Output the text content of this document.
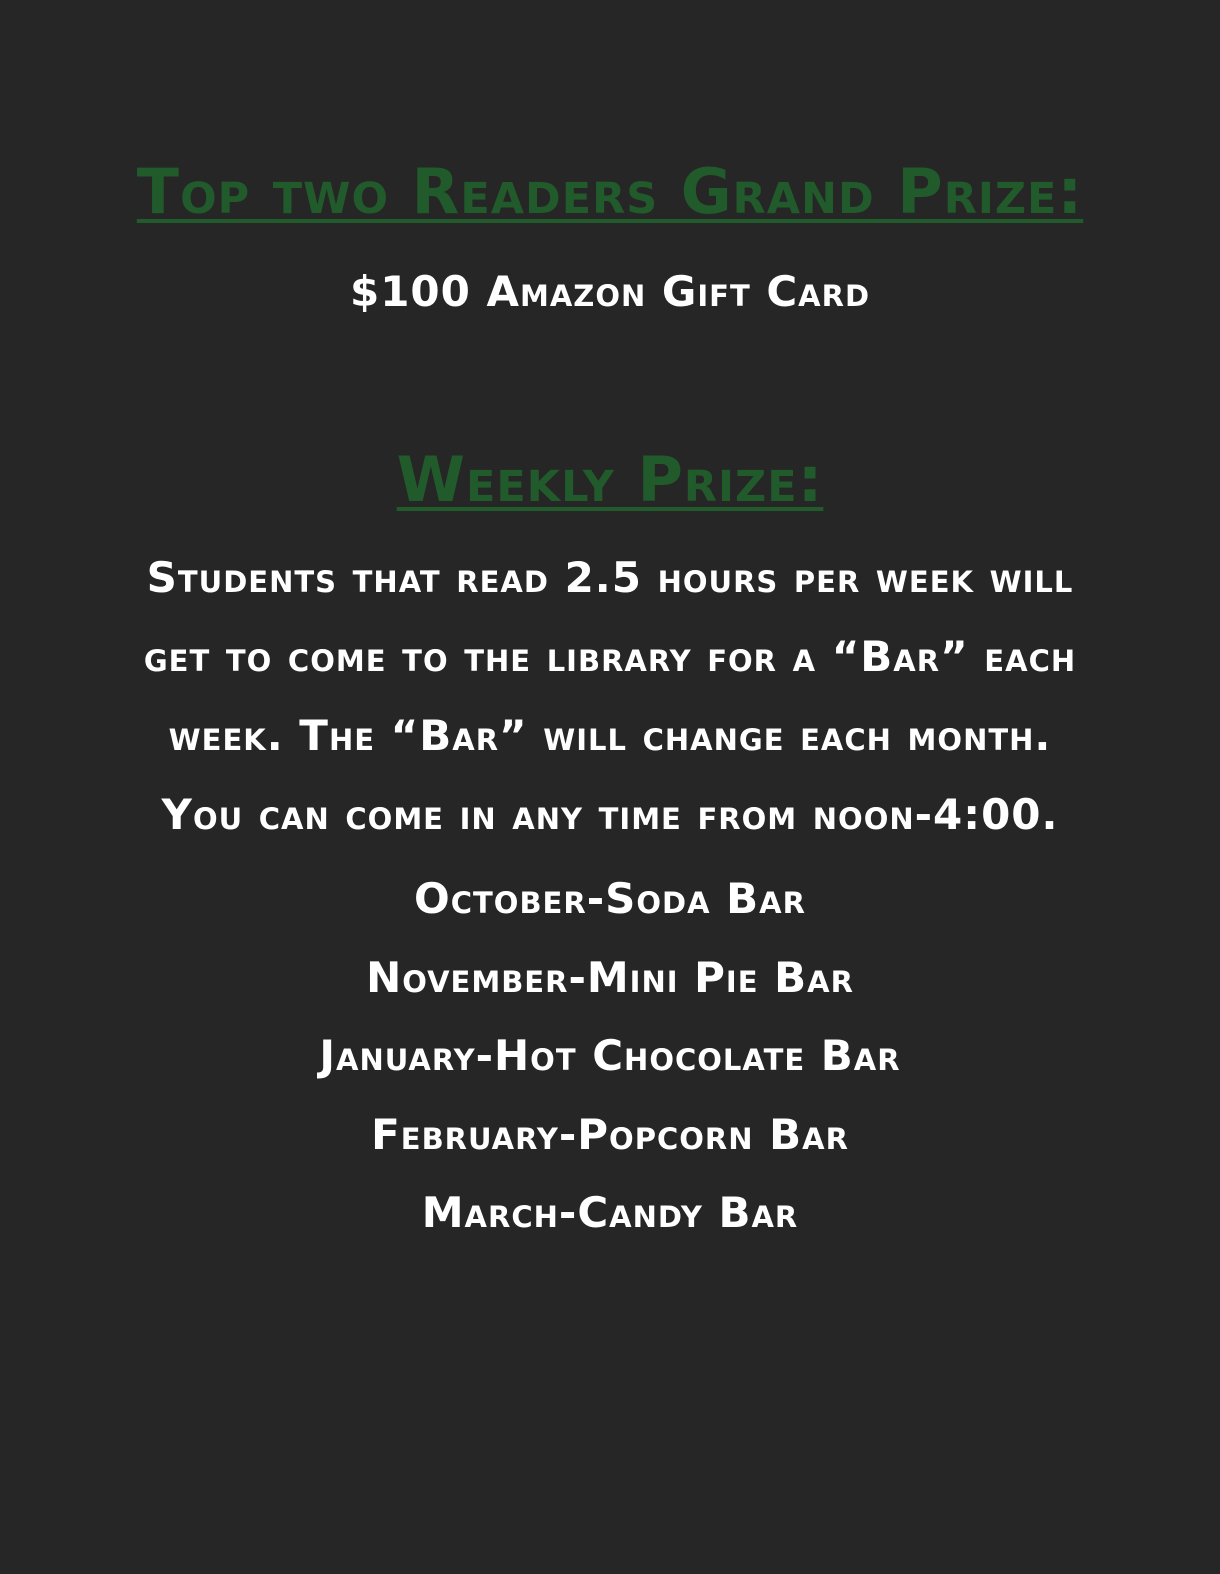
Top two Readers Grand Prize:
$100 Amazon Gift Card
Weekly Prize:
Students that read 2.5 hours per week will get to come to the library for a “Bar” each week. The “Bar” will change each month. You can come in any time from noon-4:00.
October-Soda Bar
November-Mini Pie Bar
January-Hot Chocolate Bar
February-Popcorn Bar
March-Candy Bar
